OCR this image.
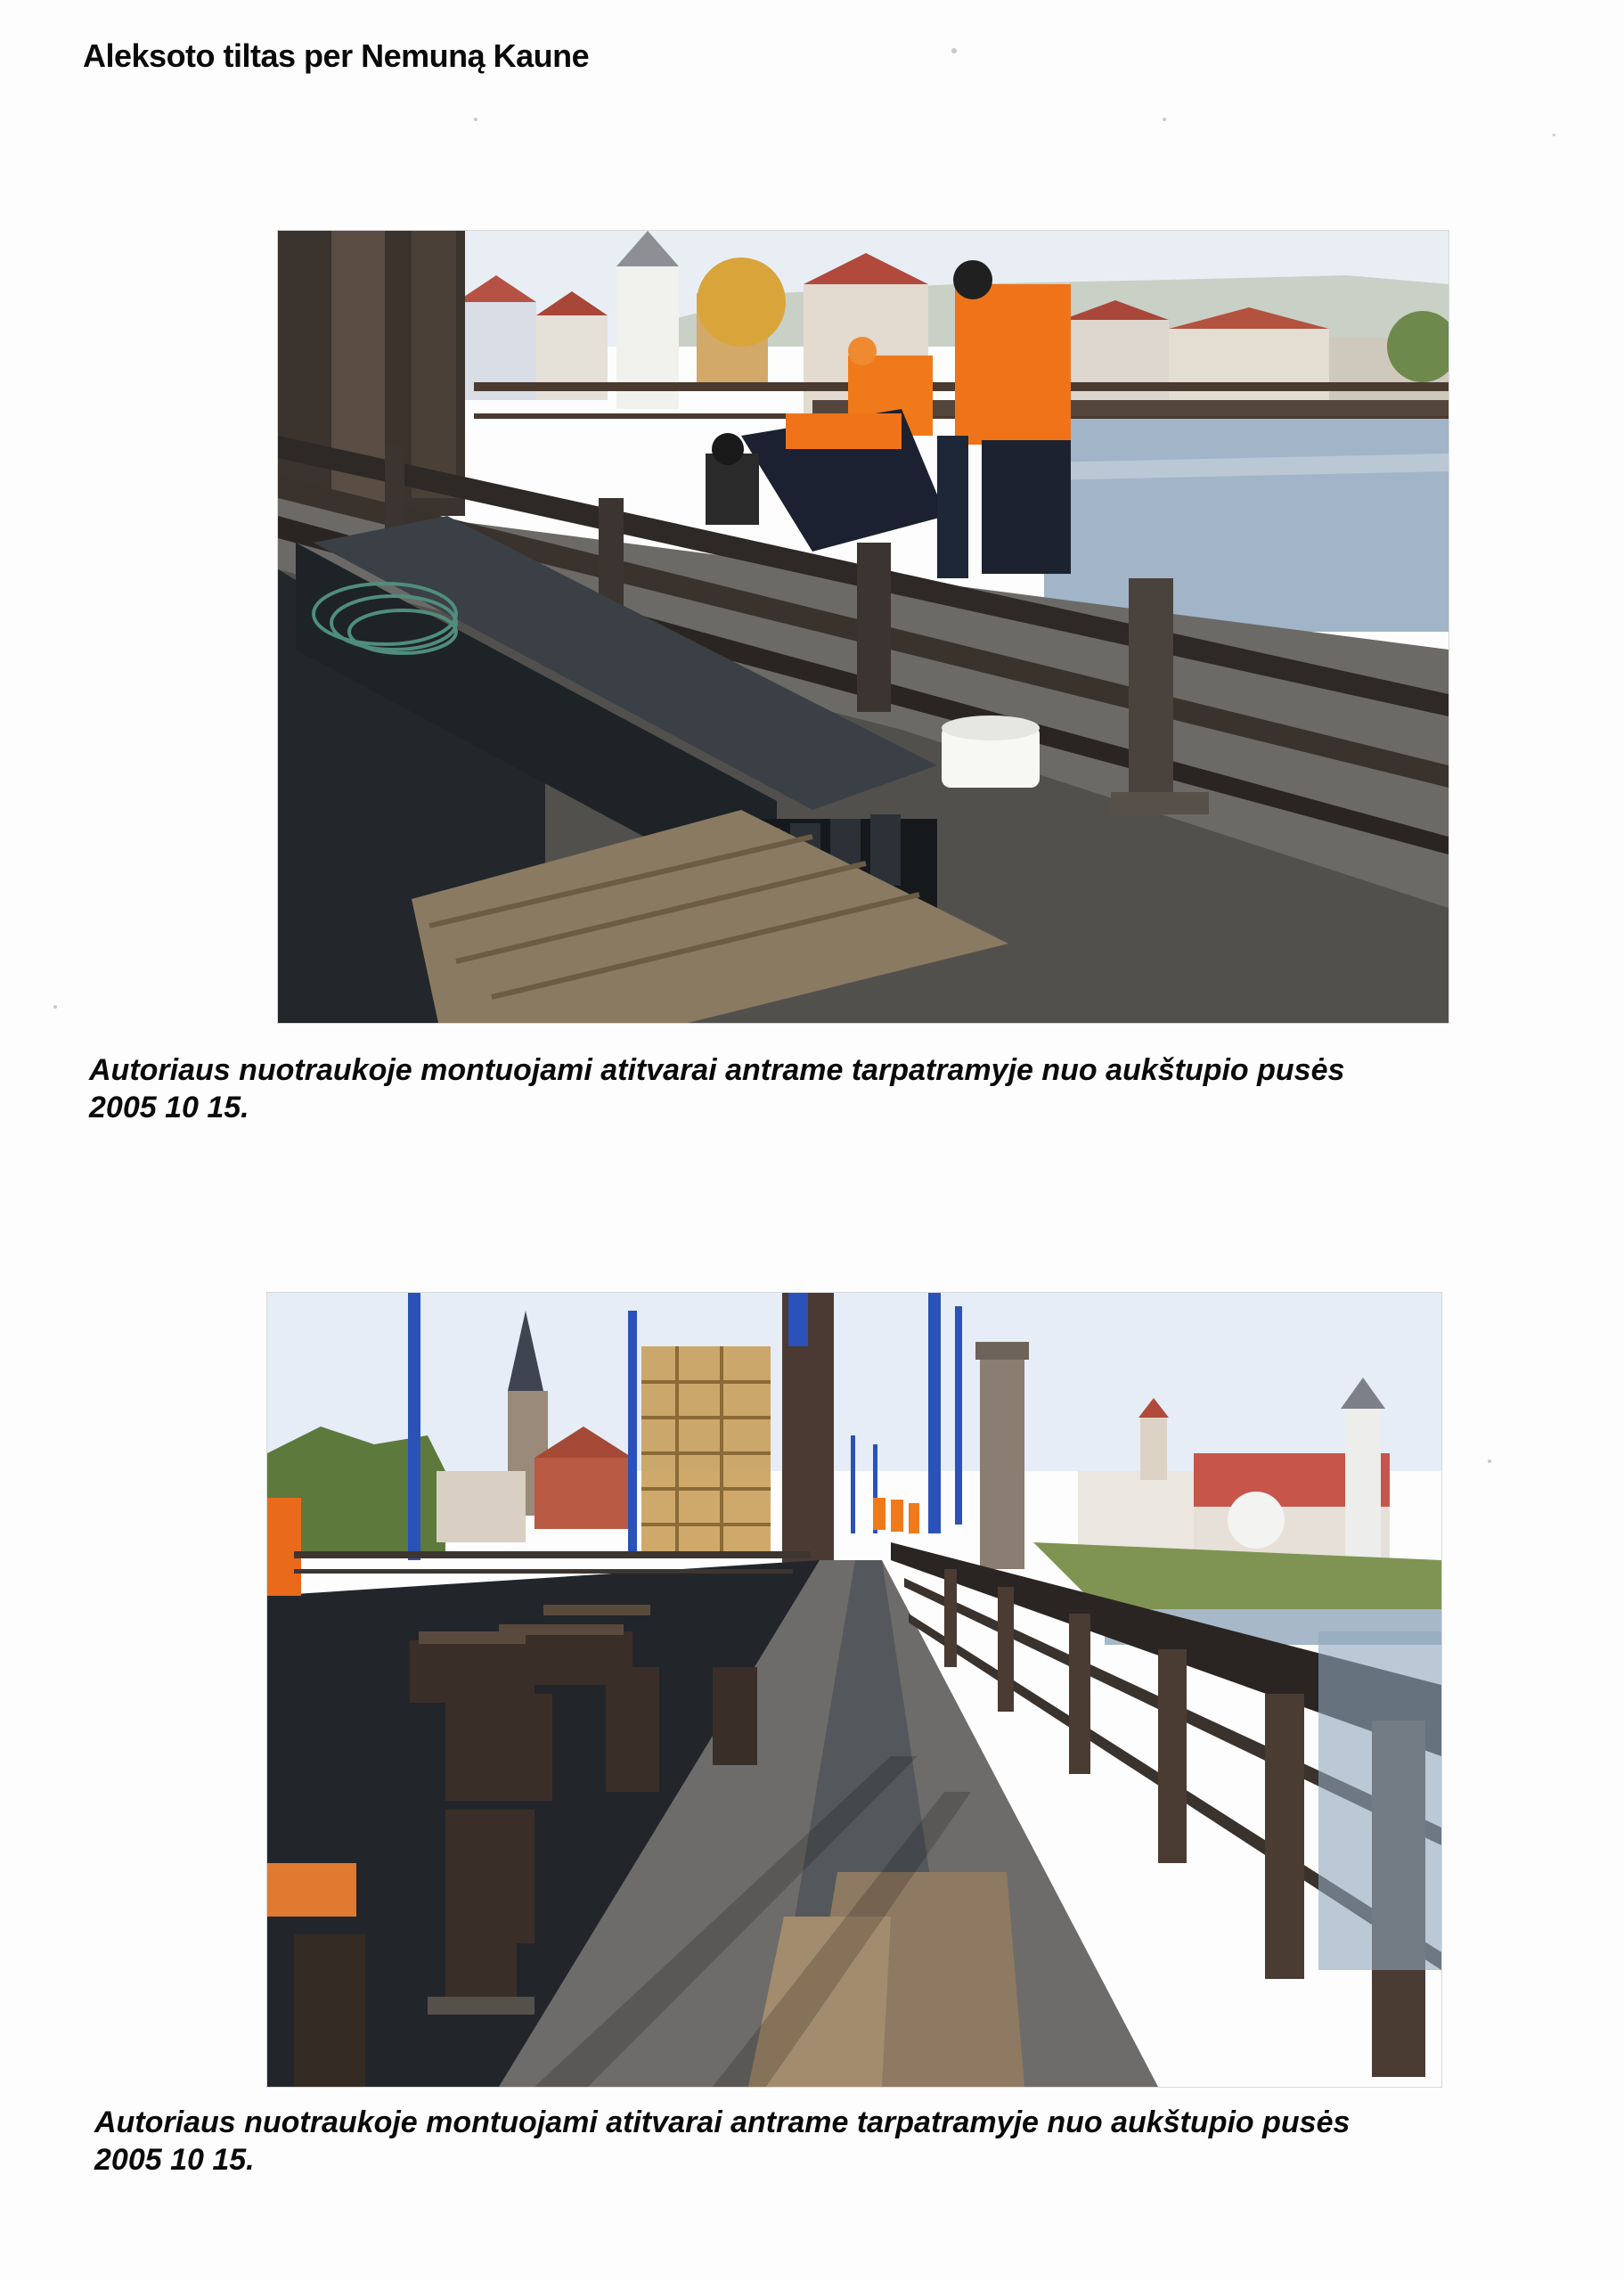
Aleksoto tiltas per Nemuną Kaune
Autoriaus nuotraukoje montuojami atitvarai antrame tarpatramyje nuo aukštupio pusės
2005 10 15.
Autoriaus nuotraukoje montuojami atitvarai antrame tarpatramyje nuo aukštupio pusės
2005 10 15.
